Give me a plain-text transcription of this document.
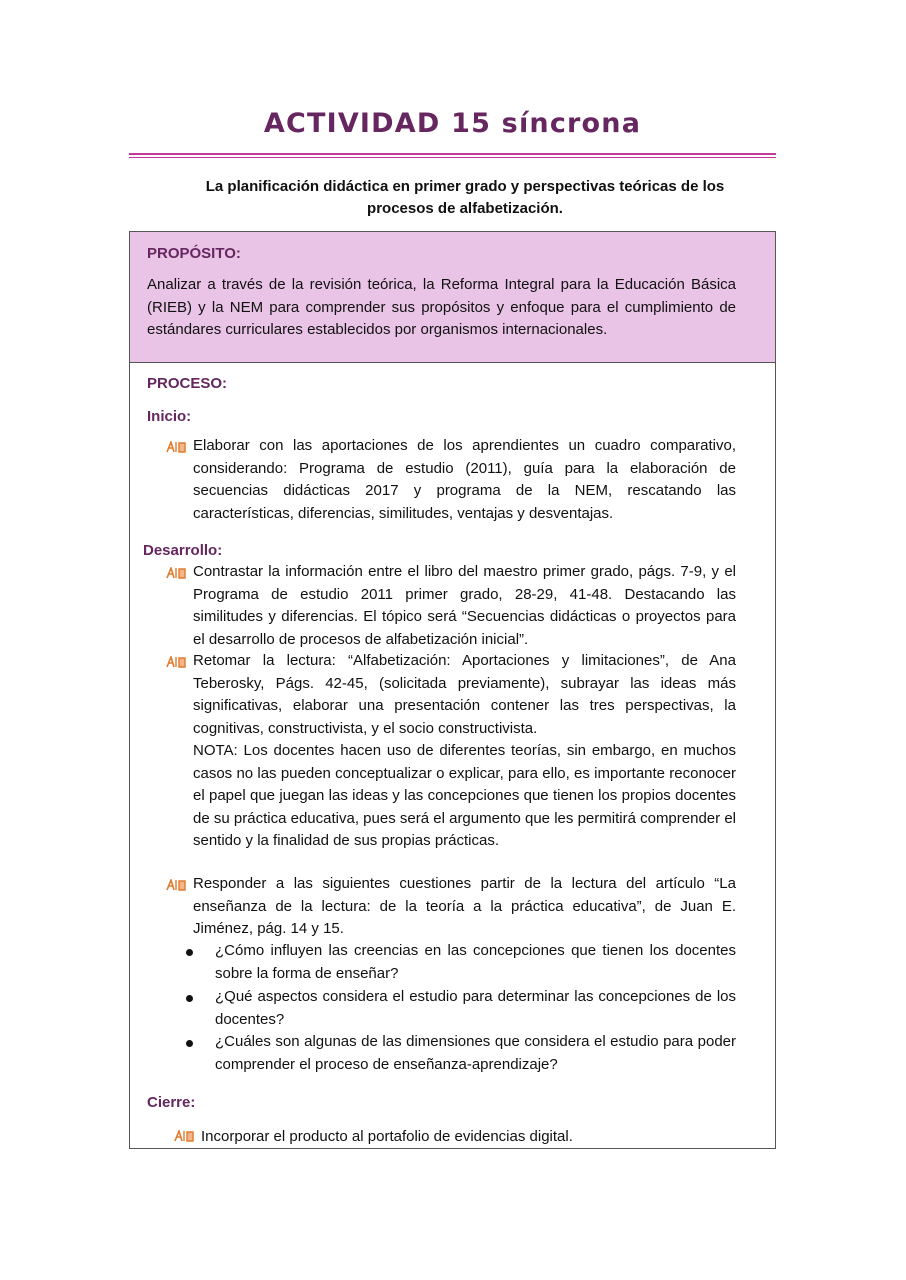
ACTIVIDAD 15 síncrona

La planificación didáctica en primer grado y perspectivas teóricas de los procesos de alfabetización.

PROPÓSITO:

Analizar a través de la revisión teórica, la Reforma Integral para la Educación Básica (RIEB) y la NEM para comprender sus propósitos y enfoque para el cumplimiento de estándares curriculares establecidos por organismos internacionales.

PROCESO:

Inicio:

Elaborar con las aportaciones de los aprendientes un cuadro comparativo, considerando: Programa de estudio (2011), guía para la elaboración de secuencias didácticas 2017 y programa de la NEM, rescatando las características, diferencias, similitudes, ventajas y desventajas.

Desarrollo:

Contrastar la información entre el libro del maestro primer grado, págs. 7-9, y el Programa de estudio 2011 primer grado, 28-29, 41-48. Destacando las similitudes y diferencias. El tópico será “Secuencias didácticas o proyectos para el desarrollo de procesos de alfabetización inicial”.

Retomar la lectura: “Alfabetización: Aportaciones y limitaciones”, de Ana Teberosky, Págs. 42-45, (solicitada previamente), subrayar las ideas más significativas, elaborar una presentación contener las tres perspectivas, la cognitivas, constructivista, y el socio constructivista.

NOTA: Los docentes hacen uso de diferentes teorías, sin embargo, en muchos casos no las pueden conceptualizar o explicar, para ello, es importante reconocer el papel que juegan las ideas y las concepciones que tienen los propios docentes de su práctica educativa, pues será el argumento que les permitirá comprender el sentido y la finalidad de sus propias prácticas.

Responder a las siguientes cuestiones partir de la lectura del artículo “La enseñanza de la lectura: de la teoría a la práctica educativa”, de Juan E. Jiménez, pág. 14 y 15.

¿Cómo influyen las creencias en las concepciones que tienen los docentes sobre la forma de enseñar?

¿Qué aspectos considera el estudio para determinar las concepciones de los docentes?

¿Cuáles son algunas de las dimensiones que considera el estudio para poder comprender el proceso de enseñanza-aprendizaje?

Cierre:

Incorporar el producto al portafolio de evidencias digital.
